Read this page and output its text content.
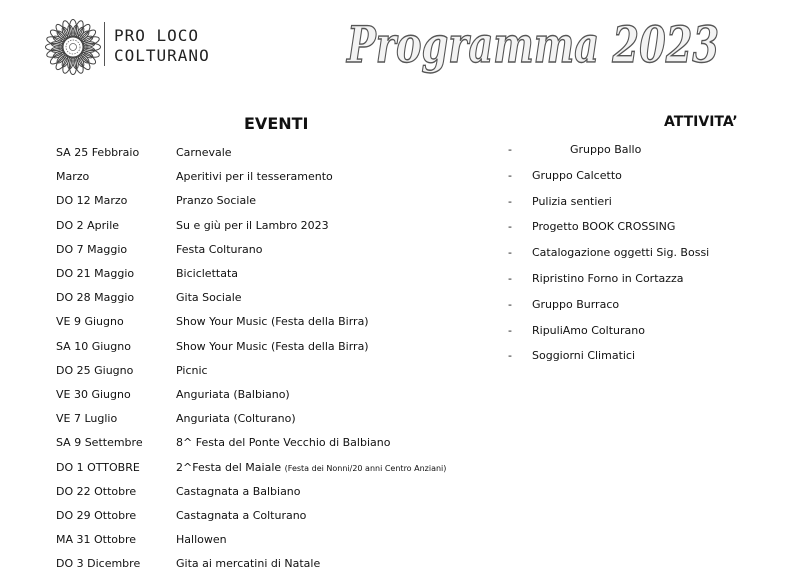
PRO LOCO
COLTURANO	Programma 2023
EVENTI	ATTIVITA’
SA 25 Febbraio	Carnevale
Marzo	Aperitivi per il tesseramento
DO 12 Marzo	Pranzo Sociale
DO 2 Aprile	Su e giù per il Lambro 2023
DO 7 Maggio	Festa Colturano
DO 21 Maggio	Biciclettata
DO 28 Maggio	Gita Sociale
VE 9 Giugno	Show Your Music (Festa della Birra)
SA 10 Giugno	Show Your Music (Festa della Birra)
DO 25 Giugno	Picnic
VE 30 Giugno	Anguriata (Balbiano)
VE 7 Luglio	Anguriata (Colturano)
SA 9 Settembre	8^ Festa del Ponte Vecchio di Balbiano
DO 1 OTTOBRE	2^Festa del Maiale (Festa dei Nonni/20 anni Centro Anziani)
DO 22 Ottobre	Castagnata a Balbiano
DO 29 Ottobre	Castagnata a Colturano
MA 31 Ottobre	Hallowen
DO 3 Dicembre	Gita ai mercatini di Natale
-	Gruppo Ballo
- Gruppo Calcetto
- Pulizia sentieri
- Progetto BOOK CROSSING
- Catalogazione oggetti Sig. Bossi
- Ripristino Forno in Cortazza
- Gruppo Burraco
- RipuliAmo Colturano
- Soggiorni Climatici
